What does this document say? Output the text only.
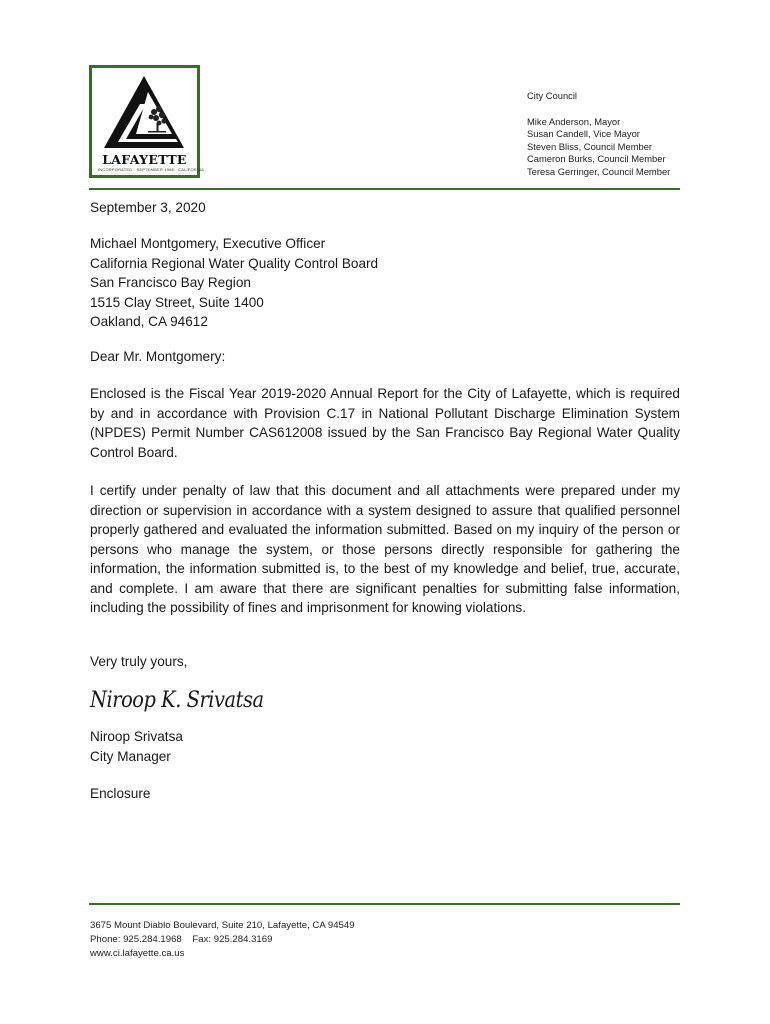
LAFAYETTE
INCORPORATED · SEPTEMBER 1968 · CALIFORNIA
City Council
Mike Anderson, Mayor
Susan Candell, Vice Mayor
Steven Bliss, Council Member
Cameron Burks, Council Member
Teresa Gerringer, Council Member
September 3, 2020
Michael Montgomery, Executive Officer
California Regional Water Quality Control Board
San Francisco Bay Region
1515 Clay Street, Suite 1400
Oakland, CA 94612
Dear Mr. Montgomery:
Enclosed is the Fiscal Year 2019-2020 Annual Report for the City of Lafayette, which is required by and in accordance with Provision C.17 in National Pollutant Discharge Elimination System (NPDES) Permit Number CAS612008 issued by the San Francisco Bay Regional Water Quality Control Board.
I certify under penalty of law that this document and all attachments were prepared under my direction or supervision in accordance with a system designed to assure that qualified personnel properly gathered and evaluated the information submitted. Based on my inquiry of the person or persons who manage the system, or those persons directly responsible for gathering the information, the information submitted is, to the best of my knowledge and belief, true, accurate, and complete. I am aware that there are significant penalties for submitting false information, including the possibility of fines and imprisonment for knowing violations.
Very truly yours,
Niroop K. Srivatsa
Niroop Srivatsa
City Manager
Enclosure
3675 Mount Diablo Boulevard, Suite 210, Lafayette, CA 94549
Phone: 925.284.1968    Fax: 925.284.3169
www.ci.lafayette.ca.us
